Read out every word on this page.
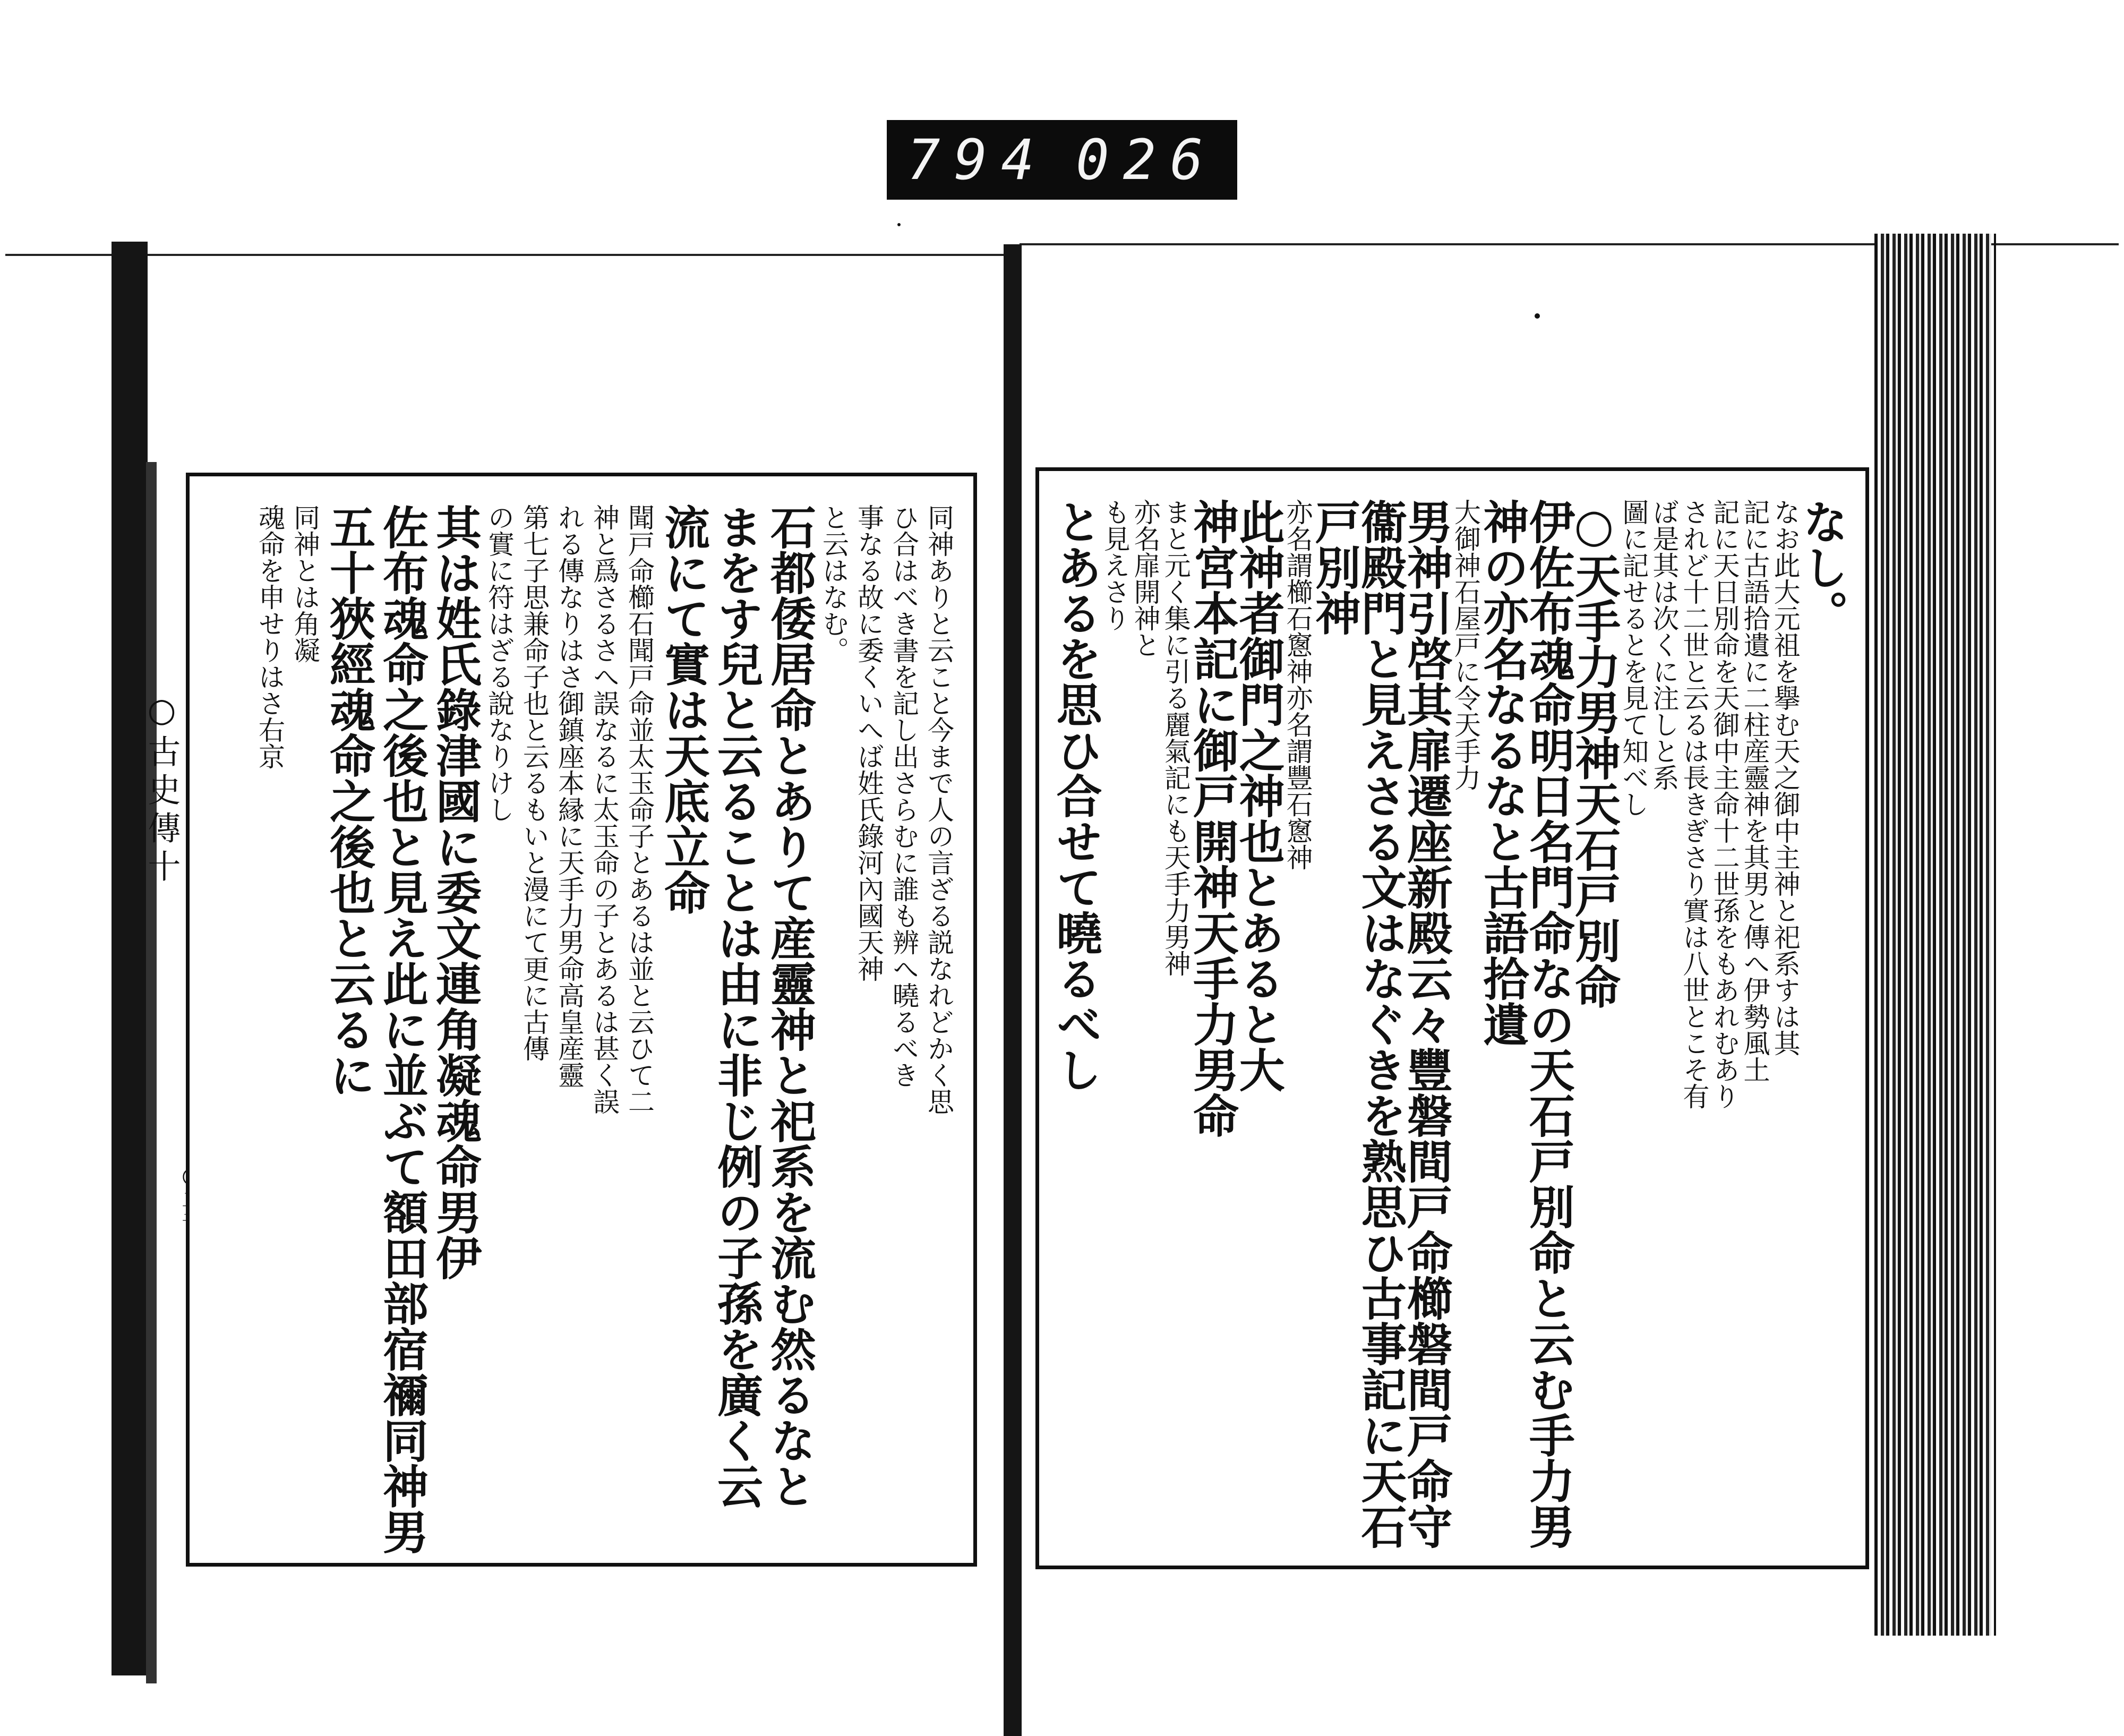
794 026
○古史傳十	同神ありと云こと今まで人の言ざる説なれどかく思
ひ合はべき書を記し出さらむに誰も辨へ曉るべき
事なる故に委くいへば姓氏錄河內國天神
と云はなむ。
石都倭居命とありて産靈神と祀系を流む然るなと
まをす兒と云ることは由に非じ例の子孫を廣く云
流にて實は天底立命
聞戸命櫛石聞戸命並太玉命子とあるは並と云ひて二
神と爲さるさへ誤なるに太玉命の子とあるは甚く誤
れる傳なりはさ御鎮座本縁に天手力男命高皇産靈
第七子思兼命子也と云るもいと漫にて更に古傳
の實に符はざる說なりけし
其は姓氏錄津國に委文連角凝魂命男伊
佐布魂命之後也と見え此に並ぶて額田部宿禰同神男
五十狹經魂命之後也と云るに
同神とは角凝
魂命を申せりはさ右京	なし。
なお此大元祖を擧む天之御中主神と祀系すは其
記に古語拾遺に二柱産靈神を其男と傳へ伊勢風土
記に天日別命を天御中主命十二世孫をもあれむあり
されど十二世と云るは長きぎさり實は八世とこそ有
ば是其は次くに注しと系
圖に記せるとを見て知べし
○天手力男神天石戸別命
伊佐布魂命明日名門命なの天石戸別命と云む手力男
神の亦名なるなと古語拾遺
大御神石屋戸に令天手力
男神引啓其扉遷座新殿云々豐磐間戸命櫛磐間戸命守
衞殿門と見えさる文はなぐきを熟思ひ古事記に天石
戸別神
亦名謂櫛石窻神亦名謂豐石窻神
此神者御門之神也とあると大
神宮本記に御戸開神天手力男命
まと元く集に引る麗氣記にも天手力男神
亦名扉開神と
も見えさり
とあるを思ひ合せて曉るべし
